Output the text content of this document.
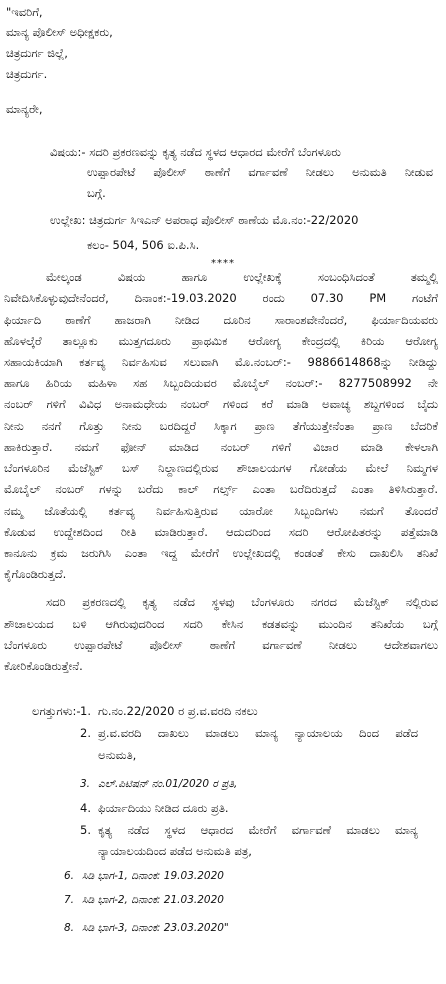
"ಇವರಿಗೆ,
ಮಾನ್ಯ ಪೊಲೀಸ್ ಅಧೀಕ್ಷಕರು,
ಚಿತ್ರದುರ್ಗ ಜಿಲ್ಲೆ,
ಚಿತ್ರದುರ್ಗ.
ಮಾನ್ಯರೇ,
ವಿಷಯ:- ಸದರಿ ಪ್ರಕರಣವನ್ನು ಕೃತ್ಯ ನಡೆದ ಸ್ಥಳದ ಆಧಾರದ ಮೇರೆಗೆ ಬೆಂಗಳೂರು
ಉಪ್ಪಾರಪೇಟೆ ಪೊಲೀಸ್ ಠಾಣೆಗೆ ವರ್ಗಾವಣೆ ನೀಡಲು ಅನುಮತಿ ನೀಡುವ
ಬಗ್ಗೆ.
ಉಲ್ಲೇಖ: ಚಿತ್ರದುರ್ಗ ಸಿಇಎನ್ ಅಪರಾಧ ಪೊಲೀಸ್ ಠಾಣೆಯ ಮೊ.ನಂ:-22/2020
ಕಲಂ- 504, 506 ಐ.ಪಿ.ಸಿ.
****
ಮೇಲ್ಕಂಡ ವಿಷಯ ಹಾಗೂ ಉಲ್ಲೇಖಕ್ಕೆ ಸಂಬಂಧಿಸಿದಂತೆ ತಮ್ಮಲ್ಲಿ
ನಿವೇದಿಸಿಕೊಳ್ಳುವುದೇನೆಂದರೆ, ದಿನಾಂಕ:-19.03.2020 ರಂದು 07.30 PM ಗಂಟೆಗೆ
ಫಿರ್ಯಾದಿ ಠಾಣೆಗೆ ಹಾಜರಾಗಿ ನೀಡಿದ ದೂರಿನ ಸಾರಾಂಶವೇನೆಂದರೆ, ಫಿರ್ಯಾದಿಯವರು
ಹೊಳಲ್ಕೆರೆ ತಾಲ್ಲೂಕು ಮುತ್ತಗದೂರು ಪ್ರಾಥಮಿಕ ಆರೋಗ್ಯ ಕೇಂದ್ರದಲ್ಲಿ ಕಿರಿಯ ಆರೋಗ್ಯ
ಸಹಾಯಕಿಯಾಗಿ ಕರ್ತವ್ಯ ನಿರ್ವಹಿಸುವ ಸಲುವಾಗಿ ಮೊ.ನಂಬರ್:- 9886614868ನ್ನು ನೀಡಿದ್ದು
ಹಾಗೂ ಹಿರಿಯ ಮಹಿಳಾ ಸಹ ಸಿಬ್ಬಂದಿಯವರ ಮೊಬೈಲ್ ನಂಬರ್:- 8277508992 ನೇ
ನಂಬರ್ ಗಳಿಗೆ ವಿವಿಧ ಅನಾಮಧೇಯ ನಂಬರ್ ಗಳಿಂದ ಕರೆ ಮಾಡಿ ಅವಾಚ್ಯ ಶಬ್ದಗಳಿಂದ ಬೈದು
ನೀನು ನನಗೆ ಗೊತ್ತು ನೀನು ಬರದಿದ್ದರೆ ಸಿಕ್ಕಾಗ ಪ್ರಾಣ ತೆಗೆಯುತ್ತೇನೆಂತಾ ಪ್ರಾಣ ಬೆದರಿಕೆ
ಹಾಕಿರುತ್ತಾರೆ. ನಮಗೆ ಫೋನ್ ಮಾಡಿದ ನಂಬರ್ ಗಳಿಗೆ ವಿಚಾರ ಮಾಡಿ ಕೇಳಲಾಗಿ
ಬೆಂಗಳೂರಿನ ಮೆಜೆಸ್ಟಿಕ್ ಬಸ್ ನಿಲ್ದಾಣದಲ್ಲಿರುವ ಶೌಚಾಲಯಗಳ ಗೋಡೆಯ ಮೇಲೆ ನಿಮ್ಮಗಳ
ಮೊಬೈಲ್ ನಂಬರ್ ಗಳನ್ನು ಬರೆದು ಕಾಲ್ ಗರ್ಲ್ಸ್ ಎಂತಾ ಬರೆದಿರುತ್ತದೆ ಎಂತಾ ತಿಳಿಸಿರುತ್ತಾರೆ.
ನಮ್ಮ ಜೊತೆಯಲ್ಲಿ ಕರ್ತವ್ಯ ನಿರ್ವಹಿಸುತ್ತಿರುವ ಯಾರೋ ಸಿಬ್ಬಂದಿಗಳು ನಮಗೆ ತೊಂದರೆ
ಕೊಡುವ ಉದ್ದೇಶದಿಂದ ರೀತಿ ಮಾಡಿರುತ್ತಾರೆ. ಆದುದರಿಂದ ಸದರಿ ಆರೋಪಿತರನ್ನು ಪತ್ತೆಮಾಡಿ
ಕಾನೂನು ಕ್ರಮ ಜರುಗಿಸಿ ಎಂತಾ ಇದ್ದ ಮೇರೆಗೆ ಉಲ್ಲೇಖದಲ್ಲಿ ಕಂಡಂತೆ ಕೇಸು ದಾಖಲಿಸಿ ತನಿಖೆ
ಕೈಗೊಂಡಿರುತ್ತದೆ.
ಸದರಿ ಪ್ರಕರಣದಲ್ಲಿ ಕೃತ್ಯ ನಡೆದ ಸ್ಥಳವು ಬೆಂಗಳೂರು ನಗರದ ಮೆಜೆಸ್ಟಿಕ್ ನಲ್ಲಿರುವ
ಶೌಚಾಲಯದ ಬಳಿ ಆಗಿರುವುದರಿಂದ ಸದರಿ ಕೇಸಿನ ಕಡತವನ್ನು ಮುಂದಿನ ತನಿಖೆಯ ಬಗ್ಗೆ
ಬೆಂಗಳೂರು ಉಪ್ಪಾರಪೇಟೆ ಪೊಲೀಸ್ ಠಾಣೆಗೆ ವರ್ಗಾವಣೆ ನೀಡಲು ಆದೇಶವಾಗಲು
ಕೋರಿಕೊಂಡಿರುತ್ತೇನೆ.
ಲಗತ್ತುಗಳು:- 1. ಗು.ನಂ.22/2020 ರ ಪ್ರ.ವ.ವರದಿ ನಕಲು
2. ಪ್ರ.ವ.ವರದಿ ದಾಖಲು ಮಾಡಲು ಮಾನ್ಯ ನ್ಯಾಯಾಲಯ ದಿಂದ ಪಡೆದ
ಅನುಮತಿ,
3. ಎಲ್.ಪಿಟಿಷನ್ ನಂ.01/2020 ರ ಪ್ರತಿ,
4. ಫಿರ್ಯಾದಿಯು ನೀಡಿದ ದೂರು ಪ್ರತಿ.
5. ಕೃತ್ಯ ನಡೆದ ಸ್ಥಳದ ಆಧಾರದ ಮೇರೆಗೆ ವರ್ಗಾವಣೆ ಮಾಡಲು ಮಾನ್ಯ
ನ್ಯಾಯಾಲಯದಿಂದ ಪಡೆದ ಅನುಮತಿ ಪತ್ರ,
6. ಸಿಡಿ ಭಾಗ-1, ದಿನಾಂಕ: 19.03.2020
7. ಸಿಡಿ ಭಾಗ-2, ದಿನಾಂಕ: 21.03.2020
8. ಸಿಡಿ ಭಾಗ-3, ದಿನಾಂಕ: 23.03.2020"
